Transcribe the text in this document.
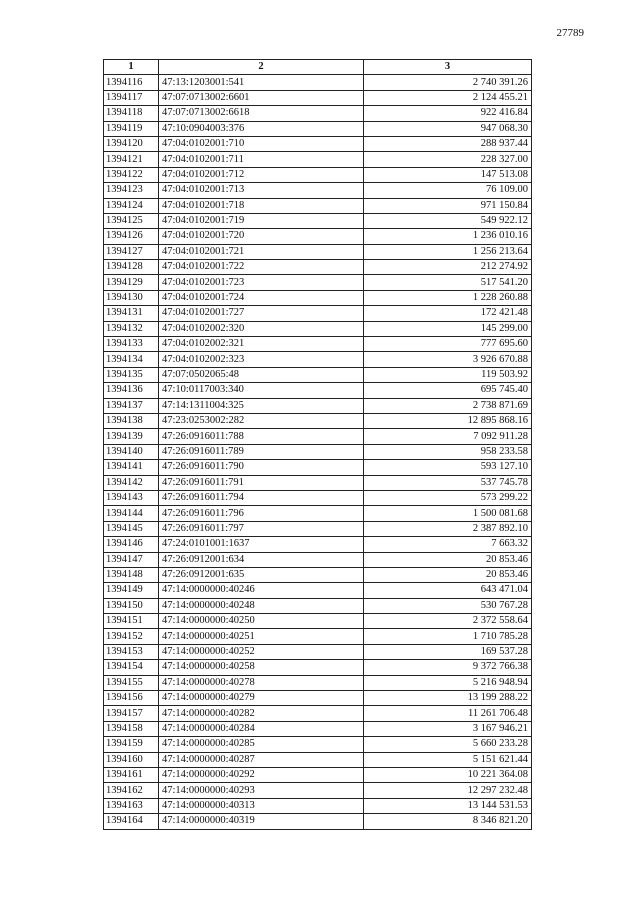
27789
1	2	3
1394116	47:13:1203001:541	2 740 391.26
1394117	47:07:0713002:6601	2 124 455.21
1394118	47:07:0713002:6618	922 416.84
1394119	47:10:0904003:376	947 068.30
1394120	47:04:0102001:710	288 937.44
1394121	47:04:0102001:711	228 327.00
1394122	47:04:0102001:712	147 513.08
1394123	47:04:0102001:713	76 109.00
1394124	47:04:0102001:718	971 150.84
1394125	47:04:0102001:719	549 922.12
1394126	47:04:0102001:720	1 236 010.16
1394127	47:04:0102001:721	1 256 213.64
1394128	47:04:0102001:722	212 274.92
1394129	47:04:0102001:723	517 541.20
1394130	47:04:0102001:724	1 228 260.88
1394131	47:04:0102001:727	172 421.48
1394132	47:04:0102002:320	145 299.00
1394133	47:04:0102002:321	777 695.60
1394134	47:04:0102002:323	3 926 670.88
1394135	47:07:0502065:48	119 503.92
1394136	47:10:0117003:340	695 745.40
1394137	47:14:1311004:325	2 738 871.69
1394138	47:23:0253002:282	12 895 868.16
1394139	47:26:0916011:788	7 092 911.28
1394140	47:26:0916011:789	958 233.58
1394141	47:26:0916011:790	593 127.10
1394142	47:26:0916011:791	537 745.78
1394143	47:26:0916011:794	573 299.22
1394144	47:26:0916011:796	1 500 081.68
1394145	47:26:0916011:797	2 387 892.10
1394146	47:24:0101001:1637	7 663.32
1394147	47:26:0912001:634	20 853.46
1394148	47:26:0912001:635	20 853.46
1394149	47:14:0000000:40246	643 471.04
1394150	47:14:0000000:40248	530 767.28
1394151	47:14:0000000:40250	2 372 558.64
1394152	47:14:0000000:40251	1 710 785.28
1394153	47:14:0000000:40252	169 537.28
1394154	47:14:0000000:40258	9 372 766.38
1394155	47:14:0000000:40278	5 216 948.94
1394156	47:14:0000000:40279	13 199 288.22
1394157	47:14:0000000:40282	11 261 706.48
1394158	47:14:0000000:40284	3 167 946.21
1394159	47:14:0000000:40285	5 660 233.28
1394160	47:14:0000000:40287	5 151 621.44
1394161	47:14:0000000:40292	10 221 364.08
1394162	47:14:0000000:40293	12 297 232.48
1394163	47:14:0000000:40313	13 144 531.53
1394164	47:14:0000000:40319	8 346 821.20
